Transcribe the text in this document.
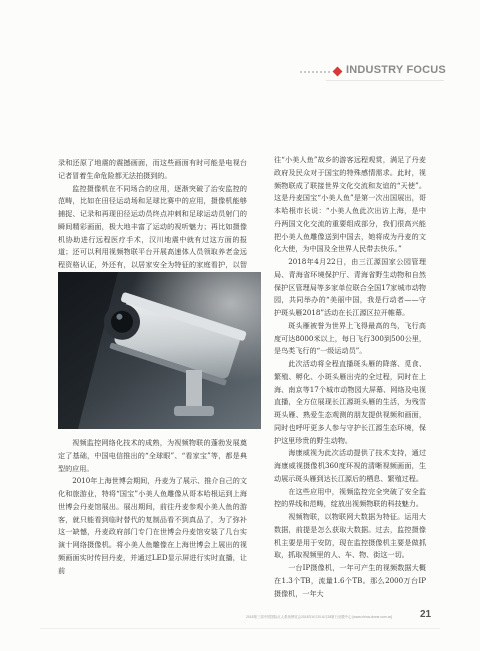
INDUSTRY FOCUS

录和还原了地震的震撼画面，而这些画面有时可能是电视台记者冒着生命危险都无法拍摄到的。

监控摄像机在不同场合的应用，逐渐突破了治安监控的范畴，比如在田径运动场和足球比赛中的应用，摄像机能够捕捉、记录和再现田径运动员终点冲刺和足球运动员射门的瞬间精彩画面，极大地丰富了运动的视听魅力；再比如摄像机协助进行远程医疗手术，汉川地震中就有过这方面的报道；还可以利用视频物联平台开展高速体人员领取养老金远程资格认证，外还有，以居家安全为特征的家庭看护，以智

视频监控网络化技术的成熟，为视频物联的蓬勃发展奠定了基础，中国电信推出的“全球眼”、“看家宝”等，都是典型的应用。

2010年上海世博会期间，丹麦为了展示、推介自己的文化和旅游业，特将“国宝”小美人鱼雕像从哥本哈根运到上海世博会丹麦馆展出。展出期间，前往丹麦参观小美人鱼的游客，就只能看到临时替代的复制品看不到真品了，为了弥补这一缺憾，丹麦政府部门专门在世博会丹麦馆安装了几台实演十网络摄像机。将小美人鱼雕像在上海世博会上展出的视频画面实时传回丹麦，并通过LED显示屏进行实时直播，让前

往“小美人鱼”故乡的游客远程观赏，满足了丹麦政府及民众对于国宝的特殊感情需求。此时，视频物联成了联接世界文化交流和友谊的“天使”。这是丹麦国宝“小美人鱼”是第一次出国展出，哥本哈根市长说：“小美人鱼此次出访上海，是中丹两国文化交流的重要组成部分，我们很高兴能把小美人鱼雕像送到中国去，她将成为丹麦的文化大使，为中国及全世界人民带去快乐。”

2018年4月22日，由三江源国家公园管理局、青海省环境保护厅、青海省野生动物和自然保护区管理局等多家单位联合全国17家城市动物园，共同举办的“美丽中国，我是行动者——守护斑头雁2018”活动在长江源区拉开帷幕。

斑头雁被誉为世界上飞得最高的鸟，飞行高度可达8000米以上，每日飞行300到500公里，是鸟类飞行的“一级运动员”。

此次活动将全程直播斑头雁的降落、觅食、繁殖、孵化、小斑头雁出壳的全过程，同时在上海、南京等17个城市动物园大屏幕、网络及电视直播，全方位展现长江源斑头雁的生活，为残雪斑头雁、熟爱生态观测的朋友提供视频和画面，同时也呼吁更多人参与守护长江源生态环境，保护这里珍贵的野生动物。

海康威视为此次活动提供了技术支持，通过海康威视摄像机360度环视的清晰视频画面，生动展示斑头雁到达长江源后的栖息、繁殖过程。

在这些应用中，视频监控完全突破了安全监控的界线和范畴，绽放出视频物联的科技魅力。

视频物联，以物联网大数据为特征。运用大数据，前提是怎么获取大数据。过去，监控摄像机主要是用于安防，现在监控摄像机主要是做抓取，抓取视频里的人、车、物、街这一切。

一台IP摄像机，一年可产生的视频数据大概在1.3个TB，流量1.6个TB。那么2000万台IP摄像机，一年大

2018第三届中国国际反人系统博览会2018年6月20-6月28厦日至膜中心 [www.china-drone.com.cn]	21
